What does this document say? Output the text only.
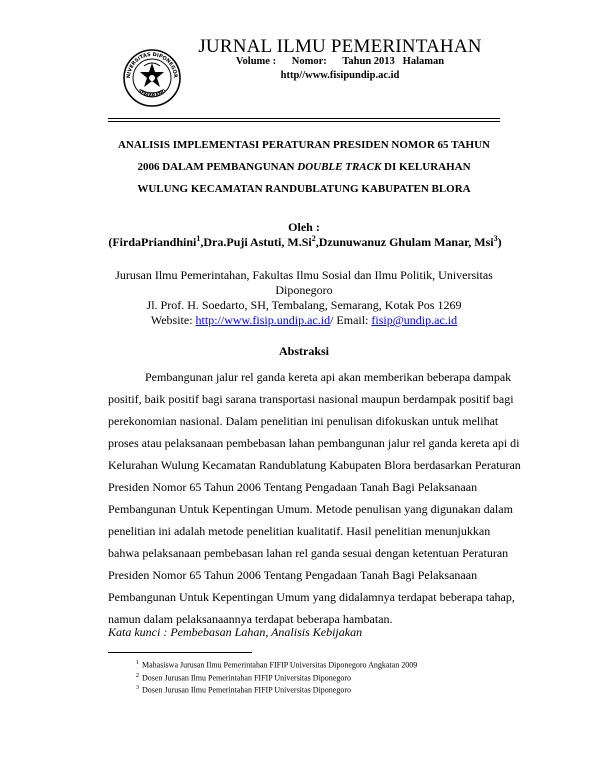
NIVERSITAS DIPONEGOR
SEMARANG
JURNAL ILMU PEMERINTAHAN
Volume :      Nomor:      Tahun 2013   Halaman
http//www.fisipundip.ac.id
ANALISIS IMPLEMENTASI PERATURAN PRESIDEN NOMOR 65 TAHUN
2006 DALAM PEMBANGUNAN DOUBLE TRACK DI KELURAHAN
WULUNG KECAMATAN RANDUBLATUNG KABUPATEN BLORA
Oleh :
(FirdaPriandhini$^1$,Dra.Puji Astuti, M.Si$^2$,Dzunuwanuz Ghulam Manar, Msi$^3$)
Jurusan Ilmu Pemerintahan, Fakultas Ilmu Sosial dan Ilmu Politik, Universitas
Diponegoro
Jl. Prof. H. Soedarto, SH, Tembalang, Semarang, Kotak Pos 1269
Website: http://www.fisip.undip.ac.id/ Email: fisip@undip.ac.id
Abstraksi
Pembangunan jalur rel ganda kereta api akan memberikan beberapa dampak
positif, baik positif bagi sarana transportasi nasional maupun berdampak positif bagi
perekonomian nasional. Dalam penelitian ini penulisan difokuskan untuk melihat
proses atau pelaksanaan pembebasan lahan pembangunan jalur rel ganda kereta api di
Kelurahan Wulung Kecamatan Randublatung Kabupaten Blora berdasarkan Peraturan
Presiden Nomor 65 Tahun 2006 Tentang Pengadaan Tanah Bagi Pelaksanaan
Pembangunan Untuk Kepentingan Umum. Metode penulisan yang digunakan dalam
penelitian ini adalah metode penelitian kualitatif. Hasil penelitian menunjukkan
bahwa pelaksanaan pembebasan lahan rel ganda sesuai dengan ketentuan Peraturan
Presiden Nomor 65 Tahun 2006 Tentang Pengadaan Tanah Bagi Pelaksanaan
Pembangunan Untuk Kepentingan Umum yang didalamnya terdapat beberapa tahap,
namun dalam pelaksanaannya terdapat beberapa hambatan.
Kata kunci : Pembebasan Lahan, Analisis Kebijakan
$^1$ Mahasiswa Jurusan Ilmu Pemerintahan FIFIP Universitas Diponegoro Angkatan 2009
$^2$ Dosen Jurusan Ilmu Pemerintahan FIFIP Universitas Diponegoro
$^3$ Dosen Jurusan Ilmu Pemerintahan FIFIP Universitas Diponegoro
